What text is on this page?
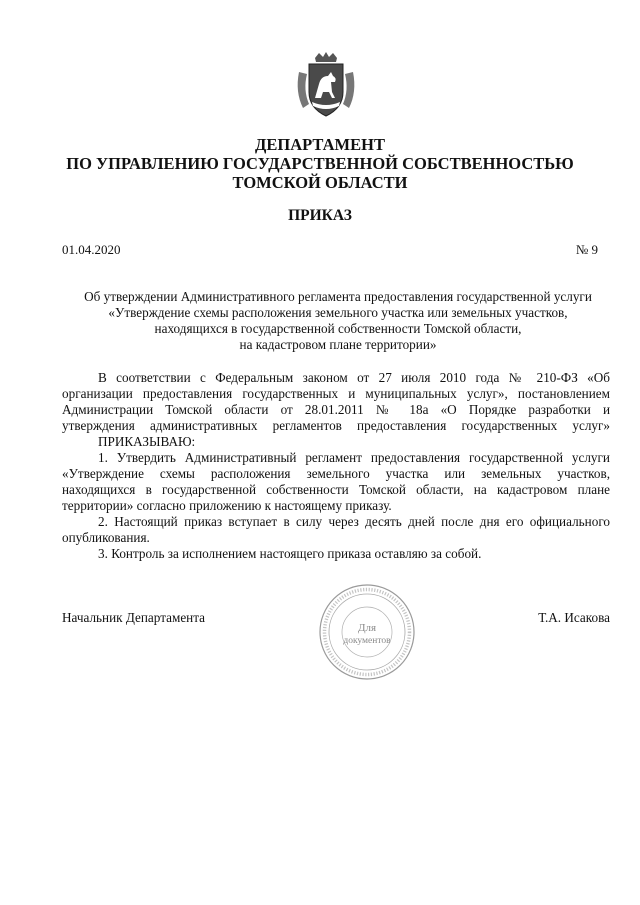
ДЕПАРТАМЕНТ
ПО УПРАВЛЕНИЮ ГОСУДАРСТВЕННОЙ СОБСТВЕННОСТЬЮ
ТОМСКОЙ ОБЛАСТИ
ПРИКАЗ
01.04.2020	№ 9
Об утверждении Административного регламента предоставления государственной услуги
«Утверждение схемы расположения земельного участка или земельных участков,
находящихся в государственной собственности Томской области,
на кадастровом плане территории»
В соответствии с Федеральным законом от 27 июля 2010 года № 210-ФЗ «Об
организации предоставления государственных и муниципальных услуг», постановлением
Администрации Томской области от 28.01.2011 № 18а «О Порядке разработки и
утверждения административных регламентов предоставления государственных услуг»
ПРИКАЗЫВАЮ:
1. Утвердить Административный регламент предоставления государственной услуги
«Утверждение схемы расположения земельного участка или земельных участков,
находящихся в государственной собственности Томской области, на кадастровом плане
территории» согласно приложению к настоящему приказу.
2. Настоящий приказ вступает в силу через десять дней после дня его официального
опубликования.
3. Контроль за исполнением настоящего приказа оставляю за собой.
Начальник Департамента	Т.А. Исакова
Для
документов
